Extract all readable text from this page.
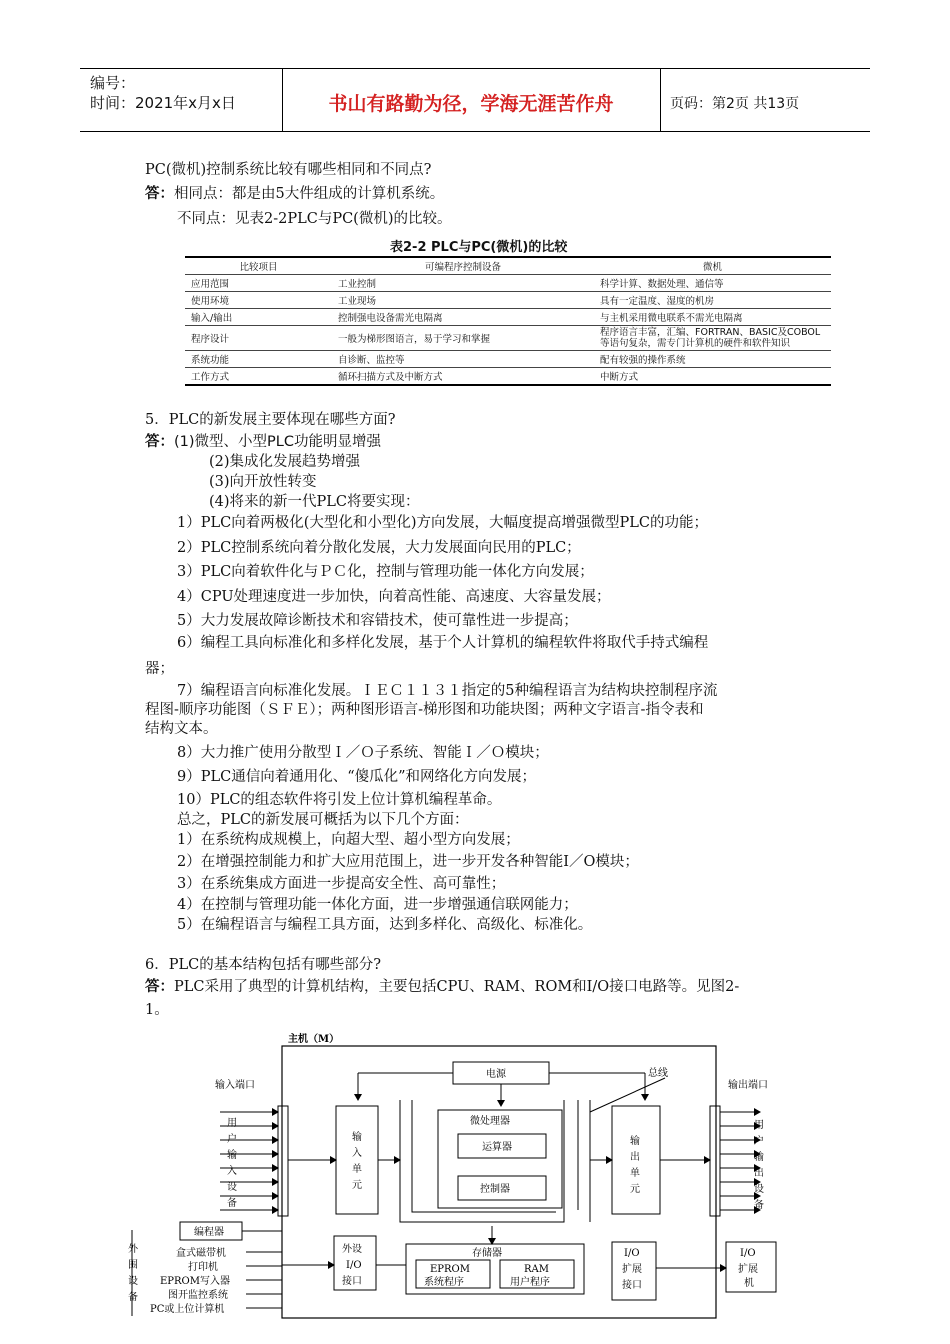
编号：
时间：2021年x月x日	书山有路勤为径，学海无涯苦作舟	页码：第2页 共13页
PC(微机)控制系统比较有哪些相同和不同点?
答：相同点：都是由5大件组成的计算机系统。
不同点：见表2-2PLC与PC(微机)的比较。
表2-2 PLC与PC(微机)的比较
比较项目	可编程序控制设备	微机
应用范围	工业控制	科学计算、数据处理、通信等
使用环境	工业现场	具有一定温度、湿度的机房
输入/输出	控制强电设备需光电隔离	与主机采用微电联系不需光电隔离
程序设计	一般为梯形图语言，易于学习和掌握	程序语言丰富，汇编、FORTRAN、BASIC及COBOL等语句复杂，需专门计算机的硬件和软件知识
系统功能	自诊断、监控等	配有较强的操作系统
工作方式	循环扫描方式及中断方式	中断方式
5．PLC的新发展主要体现在哪些方面?
答：(1)微型、小型PLC功能明显增强
(2)集成化发展趋势增强
(3)向开放性转变
(4)将来的新一代PLC将要实现：
1）PLC向着两极化(大型化和小型化)方向发展，大幅度提高增强微型PLC的功能；
2）PLC控制系统向着分散化发展，大力发展面向民用的PLC；
3）PLC向着软件化与ＰＣ化，控制与管理功能一体化方向发展；
4）CPU处理速度进一步加快，向着高性能、高速度、大容量发展；
5）大力发展故障诊断技术和容错技术，使可靠性进一步提高；
6）编程工具向标准化和多样化发展，基于个人计算机的编程软件将取代手持式编程
器；
7）编程语言向标准化发展。ＩＥＣ１１３１指定的5种编程语言为结构块控制程序流
程图-顺序功能图（ＳＦＥ）；两种图形语言-梯形图和功能块图；两种文字语言-指令表和
结构文本。
8）大力推广使用分散型Ｉ／Ｏ子系统、智能Ｉ／Ｏ模块；
9）PLC通信向着通用化、“傻瓜化”和网络化方向发展；
10）PLC的组态软件将引发上位计算机编程革命。
总之，PLC的新发展可概括为以下几个方面：
1）在系统构成规模上，向超大型、超小型方向发展；
2）在增强控制能力和扩大应用范围上，进一步开发各种智能I／O模块；
3）在系统集成方面进一步提高安全性、高可靠性；
4）在控制与管理功能一体化方面，进一步增强通信联网能力；
5）在编程语言与编程工具方面，达到多样化、高级化、标准化。
6．PLC的基本结构包括有哪些部分?
答：PLC采用了典型的计算机结构，主要包括CPU、RAM、ROM和I/O接口电路等。见图2-
1。
主机（M）
电源	总线
输入端口	输出端口
用
户
输
入
设
备
用
户
输
出
设
备
输
入
单
元
输
出
单
元
微处理器
运算器
控制器
外设
I/O
接口
存储器
EPROM
系统程序
RAM
用户程序
I/O
扩展
接口
I/O
扩展
机
编程器
盒式磁带机
打印机
EPROM写入器
图开监控系统
PC或上位计算机
外
围
设
备
